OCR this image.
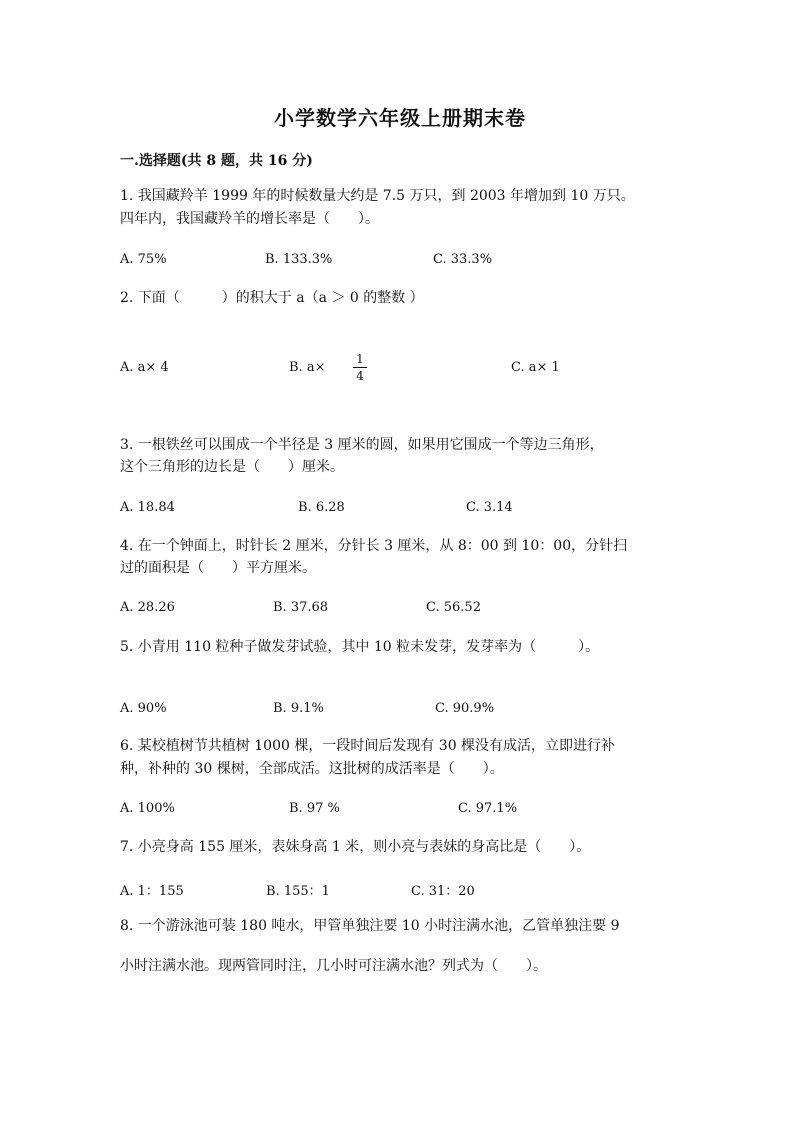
小学数学六年级上册期末卷
一.选择题(共 8 题，共 16 分)
1. 我国藏羚羊 1999 年的时候数量大约是 7.5 万只，到 2003 年增加到 10 万只。
四年内，我国藏羚羊的增长率是（　　）。
A. 75%	B. 133.3%	C. 33.3%
2. 下面（　　　）的积大于 a（a ＞ 0 的整数 ）
A. a× 4	B. a×
1
4
C. a× 1
3. 一根铁丝可以围成一个半径是 3 厘米的圆，如果用它围成一个等边三角形，
这个三角形的边长是（　　）厘米。
A. 18.84	B. 6.28	C. 3.14
4. 在一个钟面上，时针长 2 厘米，分针长 3 厘米，从 8：00 到 10：00，分针扫
过的面积是（　　）平方厘米。
A. 28.26	B. 37.68	C. 56.52
5. 小青用 110 粒种子做发芽试验，其中 10 粒未发芽，发芽率为（　　　）。
A. 90%	B. 9.1%	C. 90.9%
6. 某校植树节共植树 1000 棵，一段时间后发现有 30 棵没有成活，立即进行补
种，补种的 30 棵树，全部成活。这批树的成活率是（　　）。
A. 100%	B. 97 %	C. 97.1%
7. 小亮身高 155 厘米，表妹身高 1 米，则小亮与表妹的身高比是（　　）。
A. 1：155	B. 155：1	C. 31：20
8. 一个游泳池可装 180 吨水，甲管单独注要 10 小时注满水池，乙管单独注要 9
小时注满水池。现两管同时注，几小时可注满水池？列式为（　　）。
